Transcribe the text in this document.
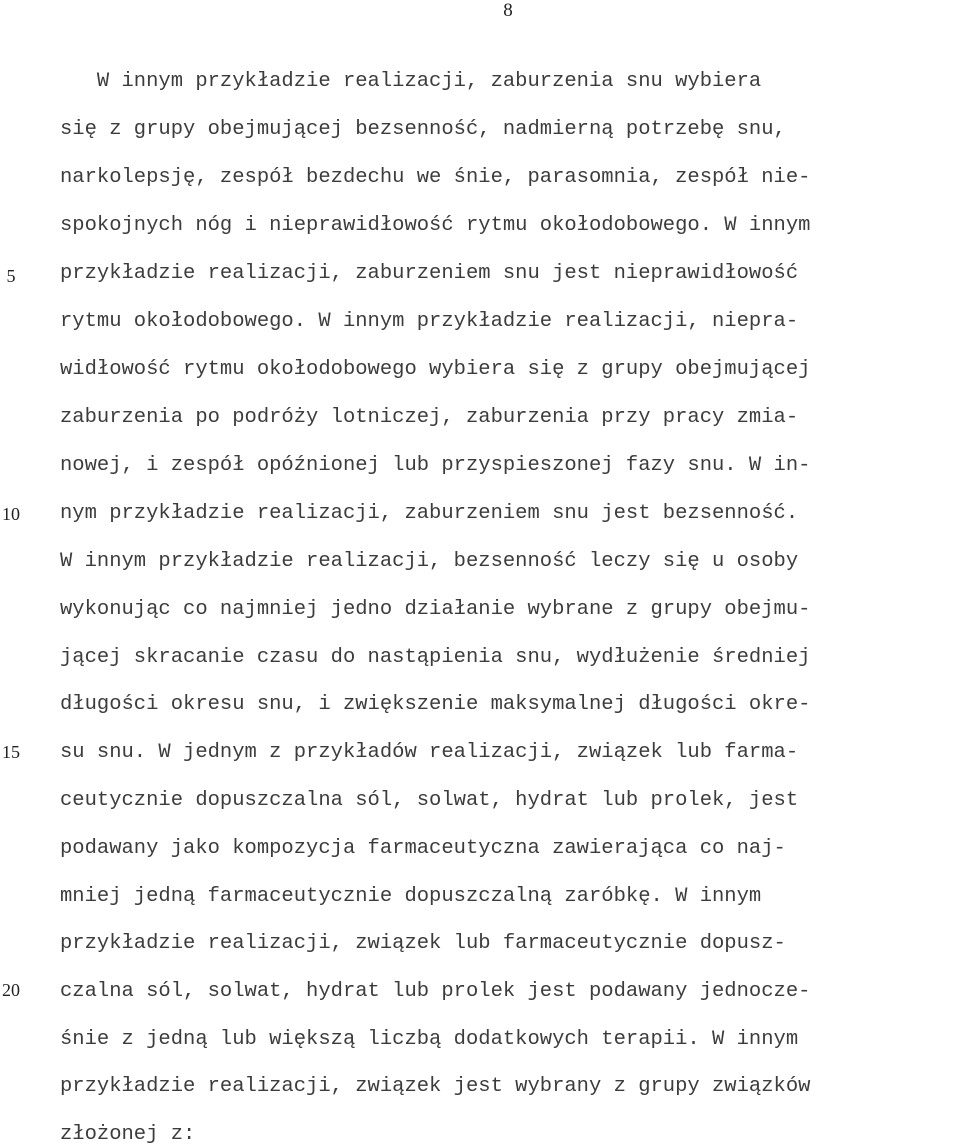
8
5
10
15
20
W innym przykładzie realizacji, zaburzenia snu wybiera
się z grupy obejmującej bezsenność, nadmierną potrzebę snu,
narkolepsję, zespół bezdechu we śnie, parasomnia, zespół nie-
spokojnych nóg i nieprawidłowość rytmu okołodobowego. W innym
przykładzie realizacji, zaburzeniem snu jest nieprawidłowość
rytmu okołodobowego. W innym przykładzie realizacji, niepra-
widłowość rytmu okołodobowego wybiera się z grupy obejmującej
zaburzenia po podróży lotniczej, zaburzenia przy pracy zmia-
nowej, i zespół opóźnionej lub przyspieszonej fazy snu. W in-
nym przykładzie realizacji, zaburzeniem snu jest bezsenność.
W innym przykładzie realizacji, bezsenność leczy się u osoby
wykonując co najmniej jedno działanie wybrane z grupy obejmu-
jącej skracanie czasu do nastąpienia snu, wydłużenie średniej
długości okresu snu, i zwiększenie maksymalnej długości okre-
su snu. W jednym z przykładów realizacji, związek lub farma-
ceutycznie dopuszczalna sól, solwat, hydrat lub prolek, jest
podawany jako kompozycja farmaceutyczna zawierająca co naj-
mniej jedną farmaceutycznie dopuszczalną zaróbkę. W innym
przykładzie realizacji, związek lub farmaceutycznie dopusz-
czalna sól, solwat, hydrat lub prolek jest podawany jednocze-
śnie z jedną lub większą liczbą dodatkowych terapii. W innym
przykładzie realizacji, związek jest wybrany z grupy związków
złożonej z:
